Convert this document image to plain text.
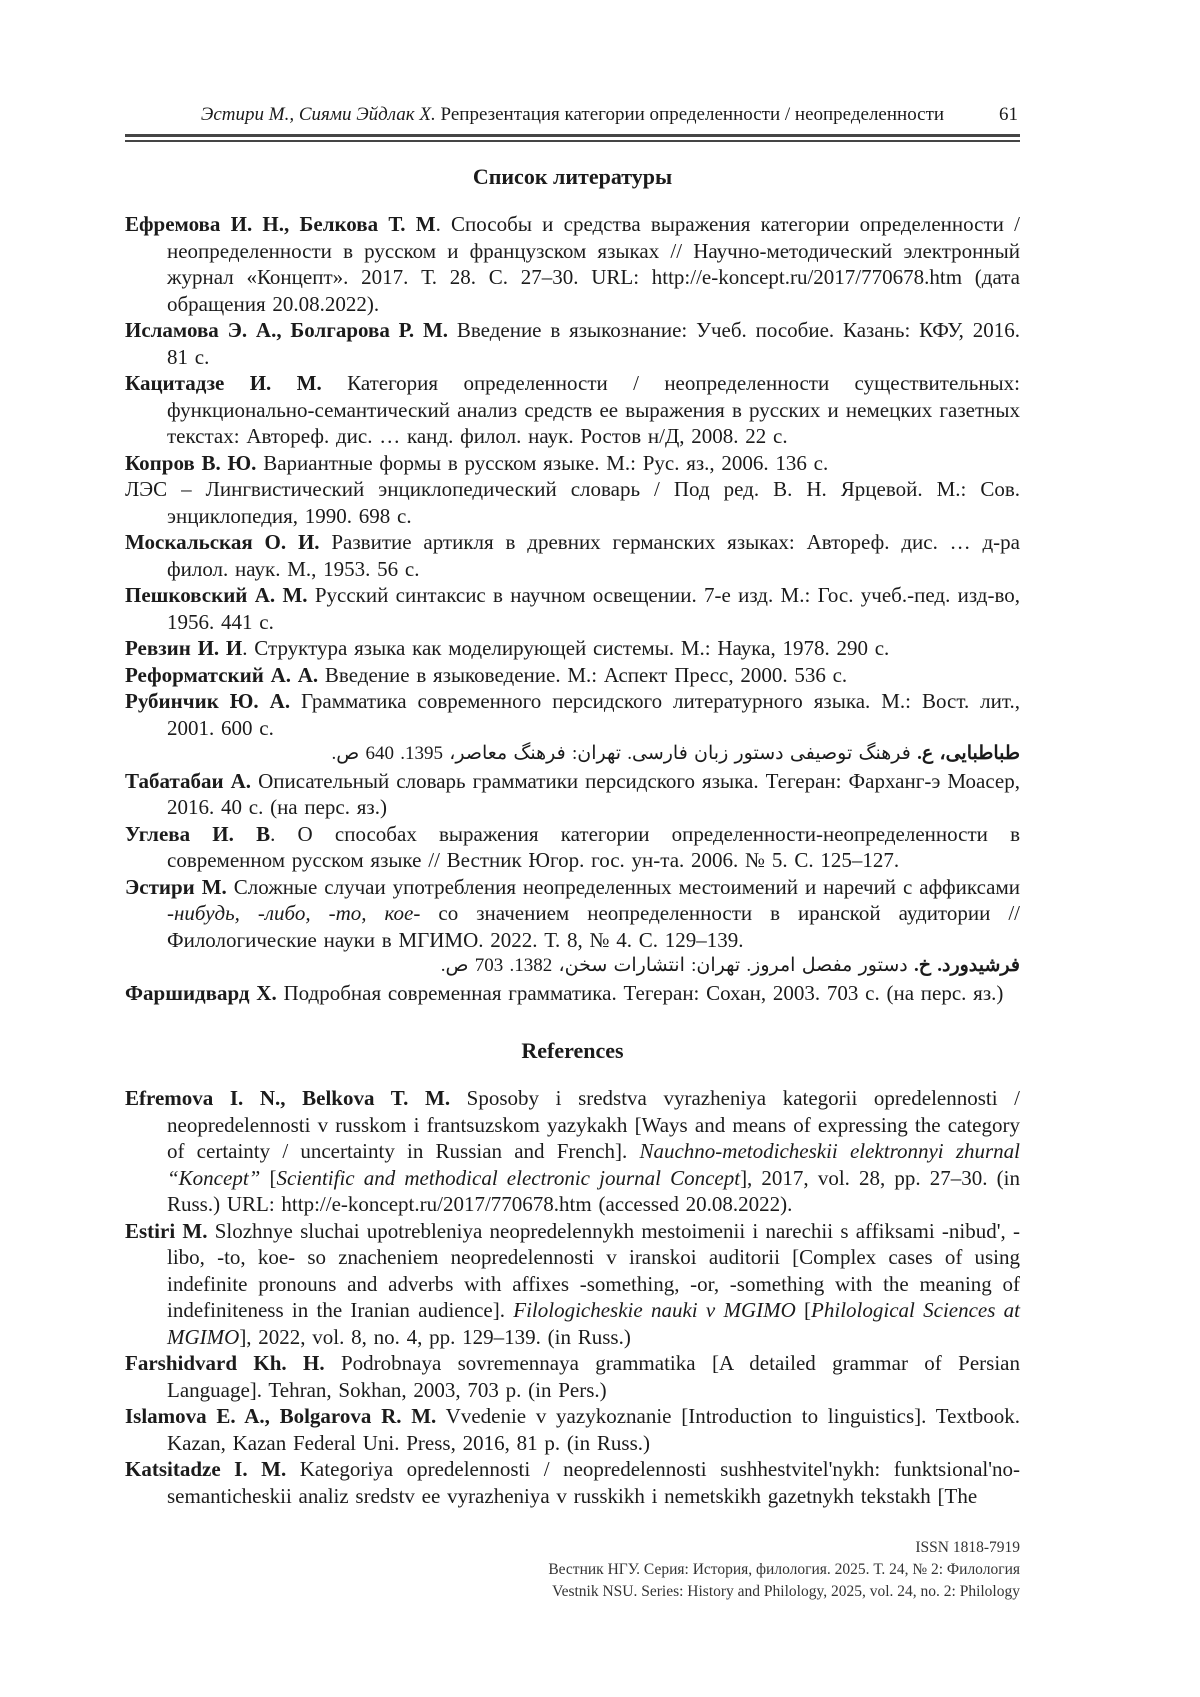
Эстири М., Сиями Эйдлак Х. Репрезентация категории определенности / неопределенности	61
Список литературы
Ефремова И. Н., Белкова Т. М. Способы и средства выражения категории определенности / неопределенности в русском и французском языках // Научно-методический электронный журнал «Концепт». 2017. Т. 28. С. 27–30. URL: http://e-koncept.ru/2017/770678.htm (дата обращения 20.08.2022).
Исламова Э. А., Болгарова Р. М. Введение в языкознание: Учеб. пособие. Казань: КФУ, 2016. 81 с.
Кацитадзе И. М. Категория определенности / неопределенности существительных: функционально-семантический анализ средств ее выражения в русских и немецких газетных текстах: Автореф. дис. … канд. филол. наук. Ростов н/Д, 2008. 22 с.
Копров В. Ю. Вариантные формы в русском языке. М.: Рус. яз., 2006. 136 с.
ЛЭС – Лингвистический энциклопедический словарь / Под ред. В. Н. Ярцевой. М.: Сов. энциклопедия, 1990. 698 с.
Москальская О. И. Развитие артикля в древних германских языках: Автореф. дис. … д-ра филол. наук. М., 1953. 56 с.
Пешковский А. М. Русский синтаксис в научном освещении. 7-е изд. М.: Гос. учеб.-пед. изд-во, 1956. 441 с.
Ревзин И. И. Структура языка как моделирующей системы. М.: Наука, 1978. 290 с.
Реформатский А. А. Введение в языковедение. М.: Аспект Пресс, 2000. 536 с.
Рубинчик Ю. А. Грамматика современного персидского литературного языка. М.: Вост. лит., 2001. 600 с.
طباطبایی، ع. فرهنگ توصیفی دستور زبان فارسی. تهران: فرهنگ معاصر، 1395. 640 ص.
Табатабаи А. Описательный словарь грамматики персидского языка. Тегеран: Фарханг-э Моасер, 2016. 40 с. (на перс. яз.)
Углева И. В. О способах выражения категории определенности-неопределенности в современном русском языке // Вестник Югор. гос. ун-та. 2006. № 5. С. 125–127.
Эстири М. Сложные случаи употребления неопределенных местоимений и наречий с аффиксами -нибудь, -либо, -то, кое- со значением неопределенности в иранской аудитории // Филологические науки в МГИМО. 2022. Т. 8, № 4. С. 129–139.
فرشیدورد. خ. دستور مفصل امروز. تهران: انتشارات سخن، 1382. 703 ص.
Фаршидвард Х. Подробная современная грамматика. Тегеран: Сохан, 2003. 703 с. (на перс. яз.)
References
Efremova I. N., Belkova T. M. Sposoby i sredstva vyrazheniya kategorii opredelennosti / neopredelennosti v russkom i frantsuzskom yazykakh [Ways and means of expressing the category of certainty / uncertainty in Russian and French]. Nauchno-metodicheskii elektronnyi zhurnal “Koncept” [Scientific and methodical electronic journal Concept], 2017, vol. 28, pp. 27–30. (in Russ.) URL: http://e-koncept.ru/2017/770678.htm (accessed 20.08.2022).
Estiri M. Slozhnye sluchai upotrebleniya neopredelennykh mestoimenii i narechii s affiksami -nibud', -libo, -to, koe- so znacheniem neopredelennosti v iranskoi auditorii [Complex cases of using indefinite pronouns and adverbs with affixes -something, -or, -something with the meaning of indefiniteness in the Iranian audience]. Filologicheskie nauki v MGIMO [Philological Sciences at MGIMO], 2022, vol. 8, no. 4, pp. 129–139. (in Russ.)
Farshidvard Kh. H. Podrobnaya sovremennaya grammatika [A detailed grammar of Persian Language]. Tehran, Sokhan, 2003, 703 p. (in Pers.)
Islamova E. A., Bolgarova R. M. Vvedenie v yazykoznanie [Introduction to linguistics]. Textbook. Kazan, Kazan Federal Uni. Press, 2016, 81 p. (in Russ.)
Katsitadze I. M. Kategoriya opredelennosti / neopredelennosti sushhestvitel'nykh: funktsional'no-semanticheskii analiz sredstv ee vyrazheniya v russkikh i nemetskikh gazetnykh tekstakh [The
ISSN 1818-7919
Вестник НГУ. Серия: История, филология. 2025. Т. 24, № 2: Филология
Vestnik NSU. Series: History and Philology, 2025, vol. 24, no. 2: Philology
